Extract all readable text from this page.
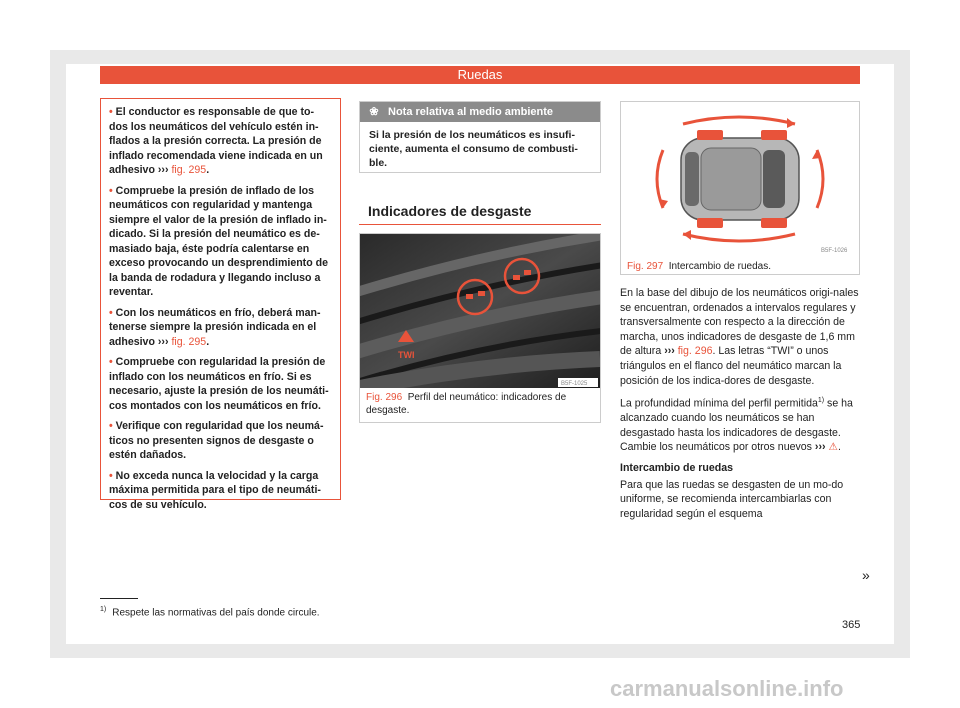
Ruedas

• El conductor es responsable de que to-dos los neumáticos del vehículo estén in-flados a la presión correcta. La presión de inflado recomendada viene indicada en un adhesivo ››› fig. 295.

• Compruebe la presión de inflado de los neumáticos con regularidad y mantenga siempre el valor de la presión de inflado in-dicado. Si la presión del neumático es de-masiado baja, éste podría calentarse en exceso provocando un desprendimiento de la banda de rodadura y llegando incluso a reventar.

• Con los neumáticos en frío, deberá man-tenerse siempre la presión indicada en el adhesivo ››› fig. 295.

• Compruebe con regularidad la presión de inflado con los neumáticos en frío. Si es necesario, ajuste la presión de los neumáti-cos montados con los neumáticos en frío.

• Verifique con regularidad que los neumá-ticos no presenten signos de desgaste o estén dañados.

• No exceda nunca la velocidad y la carga máxima permitida para el tipo de neumáti-cos de su vehículo.

❀ Nota relativa al medio ambiente
Si la presión de los neumáticos es insufi-ciente, aumenta el consumo de combusti-ble.
Indicadores de desgaste
TWI
B5F-1025
Fig. 296 Perfil del neumático: indicadores de desgaste.
B5F-1026
Fig. 297 Intercambio de ruedas.

En la base del dibujo de los neumáticos origi-nales se encuentran, ordenados a intervalos regulares y transversalmente con respecto a la dirección de marcha, unos indicadores de desgaste de 1,6 mm de altura ››› fig. 296. Las letras “TWI” o unos triángulos en el flanco del neumático marcan la posición de los indica-dores de desgaste.

La profundidad mínima del perfil permitida$^{1)}$ se ha alcanzado cuando los neumáticos se han desgastado hasta los indicadores de desgaste. Cambie los neumáticos por otros nuevos ››› ⚠.

Intercambio de ruedas

Para que las ruedas se desgasten de un mo-do uniforme, se recomienda intercambiarlas con regularidad según el esquema

»
$^{1)}$ Respete las normativas del país donde circule.
365
carmanualsonline.info
